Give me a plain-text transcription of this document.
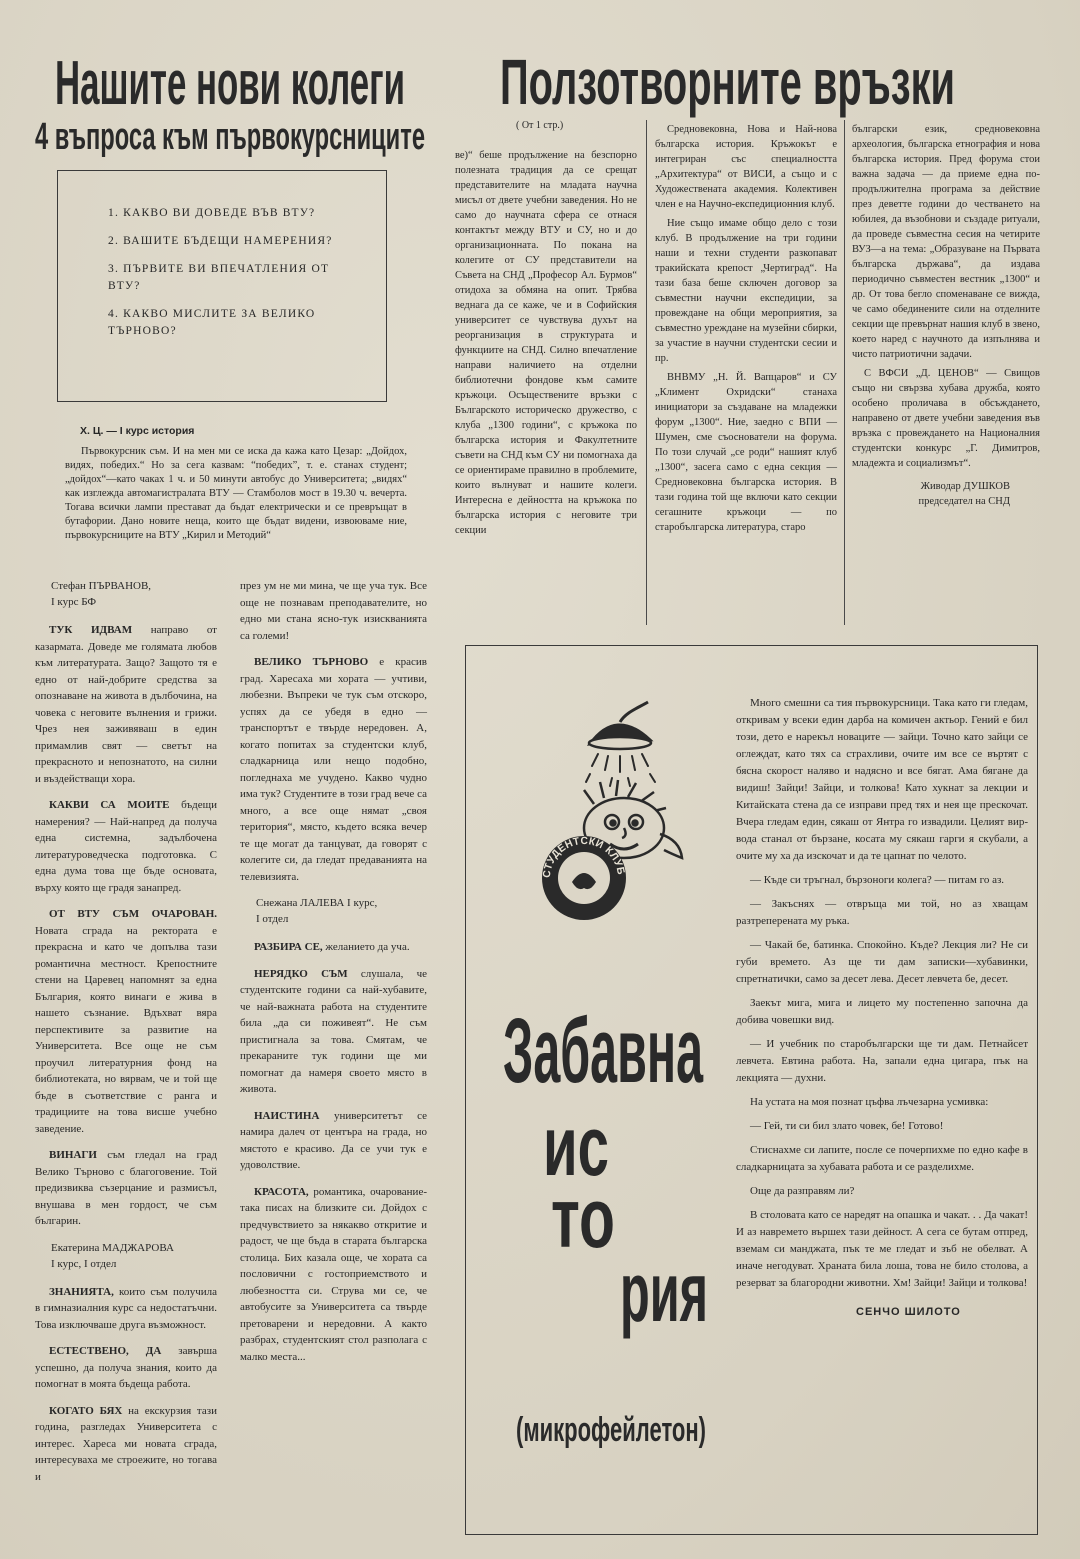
Нашите нови колеги
4 въпроса към първокурсниците
1. КАКВО ВИ ДОВЕДЕ ВЪВ ВТУ?
2. ВАШИТЕ БЪДЕЩИ НАМЕРЕНИЯ?
3. ПЪРВИТЕ ВИ ВПЕЧАТЛЕНИЯ ОТ ВТУ?
4. КАКВО МИСЛИТЕ ЗА ВЕЛИКО ТЪРНОВО?
Х. Ц. — I курс история

Първокурсник съм. И на мен ми се иска да кажа като Цезар: „Дойдох, видях, победих.“ Но за сега казвам: “победих”, т. е. станах студент; „дойдох“—като чаках 1 ч. и 50 минути автобус до Университета; „видях“ как изглежда автомагистралата ВТУ — Стамболов мост в 19.30 ч. вечерта. Тогава всички лампи престават да бъдат електрически и се превръщат в бутафории. Дано новите неща, които ще бъдат видени, извоюваме ние, първокурсниците на ВТУ „Кирил и Методий“

Стефан ПЪРВАНОВ,
I курс БФ

ТУК ИДВАМ направо от казармата. Доведе ме голямата любов към литературата. Защо? Защото тя е едно от най-добрите средства за опознаване на живота в дълбочина, на човека с неговите вълнения и грижи. Чрез нея заживяваш в един примамлив свят — светът на прекрасното и непознатото, на силни и въздействащи хора.

КАКВИ СА МОИТЕ бъдещи намерения? — Най-напред да получа една системна, задълбочена литературоведческа подготовка. С една дума това ще бъде основата, върху която ще градя занапред.

ОТ ВТУ СЪМ ОЧАРОВАН. Новата сграда на ректората е прекрасна и като че допълва тази романтична местност. Крепостните стени на Царевец напомнят за една България, която винаги е жива в нашето съзнание. Вдъхват вяра перспективите за развитие на Университета. Все още не съм проучил литературния фонд на библиотеката, но вярвам, че и той ще бъде в съответствие с ранга и традициите на това висше учебно заведение.

ВИНАГИ съм гледал на град Велико Търново с благоговение. Той предизвиква съзерцание и размисъл, внушава в мен гордост, че съм българин.

Екатерина МАДЖАРОВА
I курс, I отдел

ЗНАНИЯТА, които съм получила в гимназиалния курс са недостатъчни. Това изключваше друга възможност.

ЕСТЕСТВЕНО, ДА завърша успешно, да получа знания, които да помогнат в моята бъдеща работа.

КОГАТО БЯХ на екскурзия тази година, разгледах Университета с интерес. Хареса ми новата сграда, интересуваха ме строежите, но тогава и

през ум не ми мина, че ще уча тук. Все още не познавам преподавателите, но едно ми стана ясно-тук изискванията са големи!

ВЕЛИКО ТЪРНОВО е красив град. Харесаха ми хората — учтиви, любезни. Въпреки че тук съм отскоро, успях да се убедя в едно — транспортът е твърде нередовен. А, когато попитах за студентски клуб, сладкарница или нещо подобно, погледнаха ме учудено. Какво чудно има тук? Студентите в този град вече са много, а все още нямат „своя територия“, място, където всяка вечер те ще могат да танцуват, да говорят с колегите си, да гледат предаванията на телевизията.

Снежана ЛАЛЕВА I курс,
I отдел

РАЗБИРА СЕ, желанието да уча.

НЕРЯДКО СЪМ слушала, че студентските години са най-хубавите, че най-важната работа на студентите била „да си поживеят“. Не съм пристигнала за това. Смятам, че прекараните тук години ще ми помогнат да намеря своето място в живота.

НАИСТИНА университетът се намира далеч от центъра на града, но мястото е красиво. Да се учи тук е удоволствие.

КРАСОТА, романтика, очарование-така писах на близките си. Дойдох с предчувствието за някакво откритие и радост, че ще бъда в старата българска столица. Бих казала още, че хората са пословични с гостоприемството и любезността си. Струва ми се, че автобусите за Университета са твърде претоварени и нередовни. А както разбрах, студентският стол разполага с малко места...

Ползотворните връзки
( От 1 стр.)

ве)“ беше продължение на безспорно полезната традиция да се срещат представителите на младата научна мисъл от двете учебни заведения. Но не само до научната сфера се отнася контактът между ВТУ и СУ, но и до организационната. По покана на колегите от СУ представители на Съвета на СНД „Професор Ал. Бурмов“ отидоха за обмяна на опит. Трябва веднага да се каже, че и в Софийския университет се чувствува духът на реорганизация в структурата и функциите на СНД. Силно впечатление направи наличието на отделни библиотечни фондове към самите кръжоци. Осъществените връзки с Българското историческо дружество, с клуба „1300 години“, с кръжока по българска история и Факултетните съвети на СНД към СУ ни помогнаха да се ориентираме правилно в проблемите, които вълнуват и нашите колеги. Интересна е дейността на кръжока по българска история с неговите три секции

Средновековна, Нова и Най-нова българска история. Кръжокът е интегриран със специалността „Архитектура“ от ВИСИ, а също и с Художествената академия. Колективен член е на Научно-експедиционния клуб.

Ние също имаме общо дело с този клуб. В продължение на три години наши и техни студенти разкопават тракийската крепост „Чертиград“. На тази база беше сключен договор за съвместни научни експедиции, за провеждане на общи мероприятия, за съвместно уреждане на музейни сбирки, за участие в научни студентски сесии и пр.

ВНВМУ „Н. Й. Вапцаров“ и СУ „Климент Охридски“ станаха инициатори за създаване на младежки форум „1300“. Ние, заедно с ВПИ — Шумен, сме съоснователи на форума. По този случай „се роди“ нашият клуб „1300“, засега само с една секция — Средновековна българска история. В тази година той ще включи като секции сегашните кръжоци — по старобългарска литература, старо

български език, средновековна археология, българска етнография и нова българска история. Пред форума стои важна задача — да приеме една по-продължителна програма за действие през деветте години до честването на юбилея, да възобнови и създаде ритуали, да проведе съвместна сесия на четирите ВУЗ—а на тема: „Образуване на Първата българска държава“, да издава периодично съвместен вестник „1300“ и др. От това бегло споменаване се вижда, че само обединените сили на отделните секции ще превърнат нашия клуб в звено, което наред с научното да изпълнява и чисто патриотични задачи.

С ВФСИ „Д. ЦЕНОВ“ — Свищов също ни свързва хубава дружба, която особено проличава в обсъждането, направено от двете учебни заведения във връзка с провеждането на Националния студентски конкурс „Г. Димитров, младежта и социализмът“.

Живодар ДУШКОВ
председател на СНД
СТУДЕНТСКИ КЛУБ
Забавна
ис
то
рия
(микрофейлетон)

Много смешни са тия първокурсници. Така като ги гледам, откривам у всеки един дарба на комичен актьор. Гений е бил този, дето е нарекъл новаците — зайци. Точно като зайци се оглеждат, като тях са страхливи, очите им все се въртят с бясна скорост наляво и надясно и все бягат. Ама бягане да видиш! Зайци! Зайци, и толкова! Като хукнат за лекции и Китайската стена да се изправи пред тях и нея ще прескочат. Вчера гледам един, сякаш от Янтра го извадили. Целият вир-вода станал от бързане, косата му сякаш гарги я скубали, а очите му ха да изскочат и да те цапнат по челото.

— Къде си тръгнал, бързоноги колега? — питам го аз.

— Закъснях — отвръща ми той, но аз хващам разтреперената му ръка.

— Чакай бе, батинка. Спокойно. Къде? Лекция ли? Не си губи времето. Аз ще ти дам записки—хубавинки, спретнатички, само за десет лева. Десет левчета бе, десет.

Заекът мига, мига и лицето му постепенно започна да добива човешки вид.

— И учебник по старобългарски ще ти дам. Петнайсет левчета. Евтина работа. На, запали една цигара, пък на лекцията — духни.

На устата на моя познат цъфва лъчезарна усмивка:

— Гей, ти си бил злато човек, бе! Готово!

Стиснахме си лапите, после се почерпихме по едно кафе в сладкарницата за хубавата работа и се разделихме.

Още да разправям ли?

В столовата като се наредят на опашка и чакат. . . Да чакат! И аз навремето вършех тази дейност. А сега се бутам отпред, вземам си манджата, пък те ме гледат и зъб не обелват. А иначе негодуват. Храната била лоша, това не било столова, а резерват за благородни животни. Хм! Зайци! Зайци и толкова!

СЕНЧО ШИЛОТО
